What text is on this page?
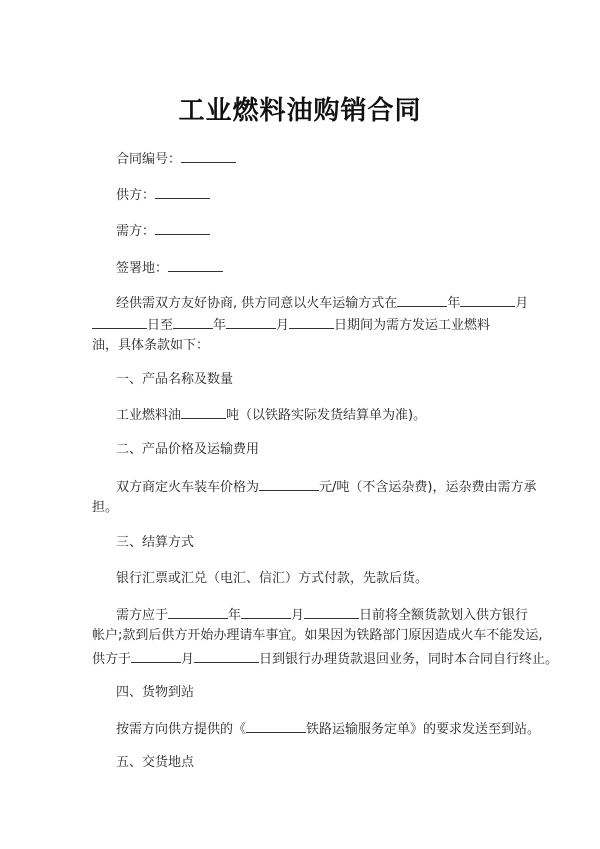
工业燃料油购销合同
合同编号：
供方：
需方：
签署地：
经供需双方友好协商, 供方同意以火车运输方式在	年	月
日至	年	月	日期间为需方发运工业燃料
油，具体条款如下：
一、产品名称及数量
工业燃料油	吨（以铁路实际发货结算单为准)。
二、产品价格及运输费用
双方商定火车装车价格为	元/吨（不含运杂费)，运杂费由需方承
担。
三、结算方式
银行汇票或汇兑（电汇、信汇）方式付款，先款后货。
需方应于	年	月	日前将全额货款划入供方银行
帐户;款到后供方开始办理请车事宜。如果因为铁路部门原因造成火车不能发运,
供方于	月	日到银行办理货款退回业务，同时本合同自行终止。
四、货物到站
按需方向供方提供的《	铁路运输服务定单》的要求发送至到站。
五、交货地点
